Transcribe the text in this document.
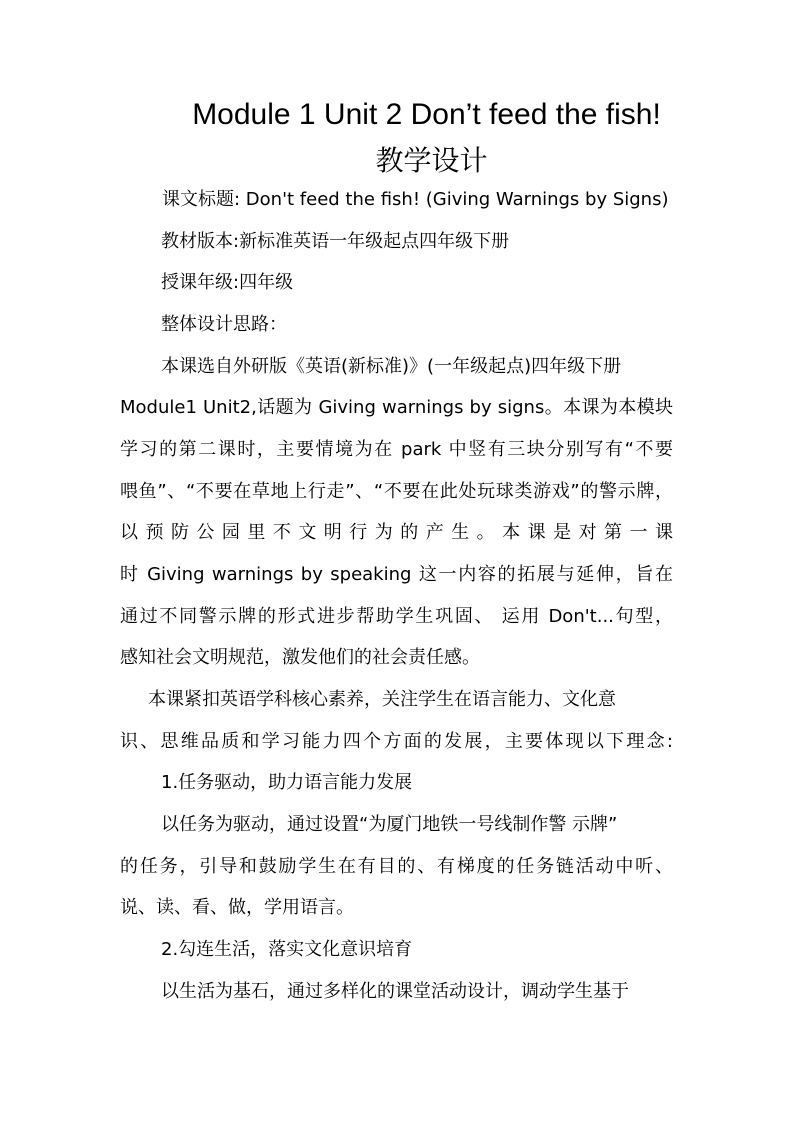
Module 1 Unit 2 Don’t feed the fish!
教学设计
课文标题: Don't feed the fish! (Giving Warnings by Signs)
教材版本:新标准英语一年级起点四年级下册
授课年级:四年级
整体设计思路：
本课选自外研版《英语(新标准)》(一年级起点)四年级下册
Module1 Unit2,话题为 Giving warnings by signs。本课为本模块
学习的第二课时，主要情境为在 park 中竖有三块分别写有“不要
喂鱼”、“不要在草地上行走”、“不要在此处玩球类游戏”的警示牌，
以预防公园里不文明行为的产生。本课是对第一课
时 Giving warnings by speaking 这一内容的拓展与延伸，旨在
通过不同警示牌的形式进步帮助学生巩固、 运用 Don't...句型，
感知社会文明规范，激发他们的社会责任感。
本课紧扣英语学科核心素养，关注学生在语言能力、文化意
识、思维品质和学习能力四个方面的发展，主要体现以下理念:
1.任务驱动，助力语言能力发展
以任务为驱动，通过设置“为厦门地铁一号线制作警 示牌”
的任务，引导和鼓励学生在有目的、有梯度的任务链活动中听、
说、读、看、做，学用语言。
2.勾连生活，落实文化意识培育
以生活为基石，通过多样化的课堂活动设计，调动学生基于
